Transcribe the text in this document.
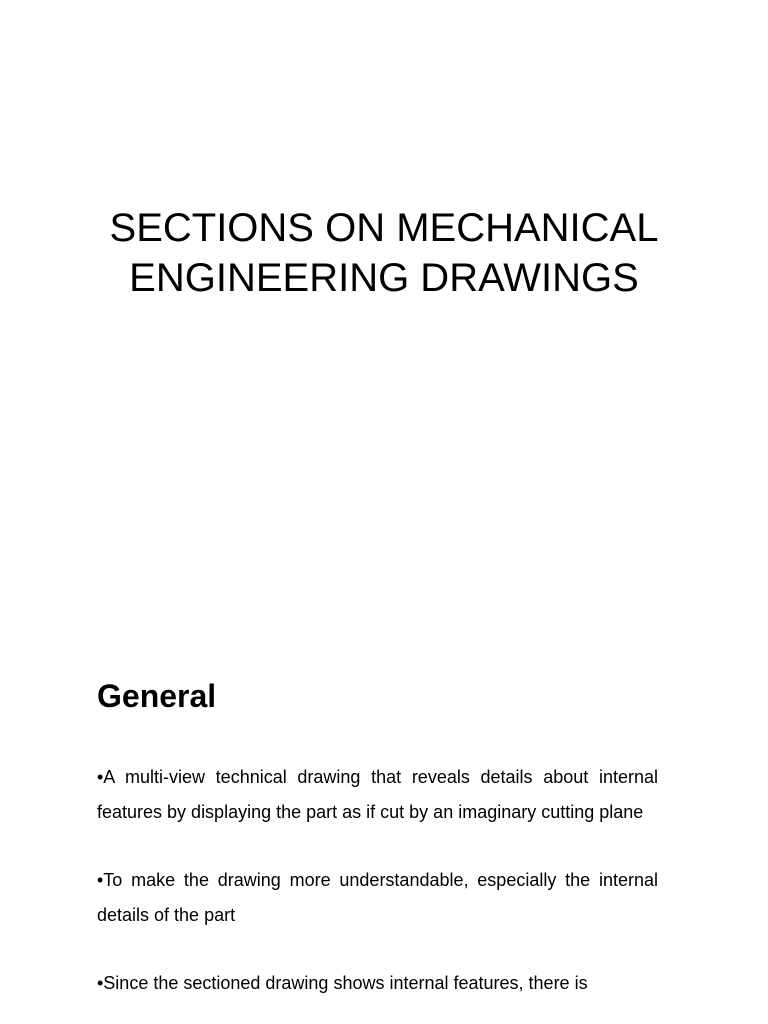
SECTIONS ON MECHANICAL
ENGINEERING DRAWINGS
General
•A multi-view technical drawing that reveals details about internal features by displaying the part as if cut by an imaginary cutting plane
•To make the drawing more understandable, especially the internal details of the part
•Since the sectioned drawing shows internal features, there is
